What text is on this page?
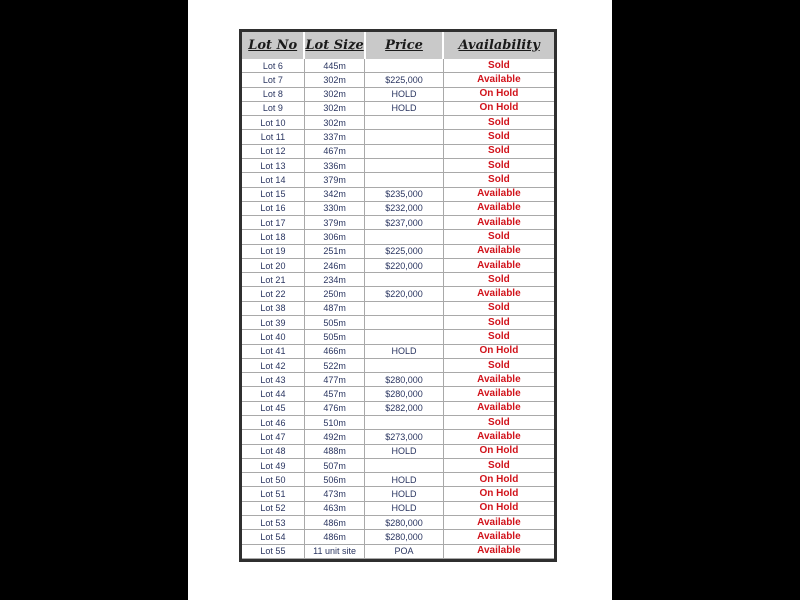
Lot No	Lot Size	Price	Availability
Lot 6	445m		Sold
Lot 7	302m	$225,000	Available
Lot 8	302m	HOLD	On Hold
Lot 9	302m	HOLD	On Hold
Lot 10	302m		Sold
Lot 11	337m		Sold
Lot 12	467m		Sold
Lot 13	336m		Sold
Lot 14	379m		Sold
Lot 15	342m	$235,000	Available
Lot 16	330m	$232,000	Available
Lot 17	379m	$237,000	Available
Lot 18	306m		Sold
Lot 19	251m	$225,000	Available
Lot 20	246m	$220,000	Available
Lot 21	234m		Sold
Lot 22	250m	$220,000	Available
Lot 38	487m		Sold
Lot 39	505m		Sold
Lot 40	505m		Sold
Lot 41	466m	HOLD	On Hold
Lot 42	522m		Sold
Lot 43	477m	$280,000	Available
Lot 44	457m	$280,000	Available
Lot 45	476m	$282,000	Available
Lot 46	510m		Sold
Lot 47	492m	$273,000	Available
Lot 48	488m	HOLD	On Hold
Lot 49	507m		Sold
Lot 50	506m	HOLD	On Hold
Lot 51	473m	HOLD	On Hold
Lot 52	463m	HOLD	On Hold
Lot 53	486m	$280,000	Available
Lot 54	486m	$280,000	Available
Lot 55	11 unit site	POA	Available
